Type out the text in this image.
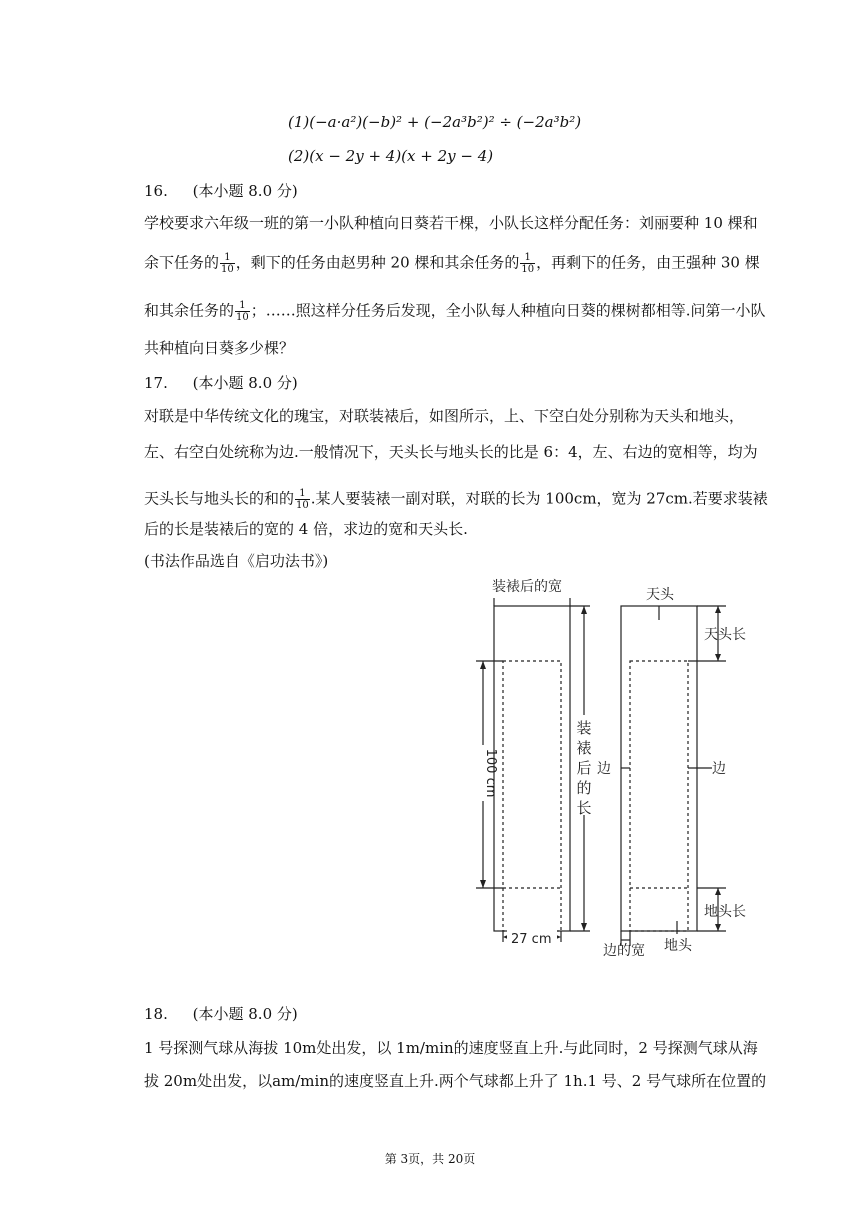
(1)(−a·a²)(−b)² + (−2a³b²)² ÷ (−2a³b²)
(2)(x − 2y + 4)(x + 2y − 4)
16. (本小题 8.0 分)
学校要求六年级一班的第一小队种植向日葵若干棵，小队长这样分配任务：刘丽要种 10 棵和
余下任务的 $\frac{1}{10}$ ，剩下的任务由赵男种 20 棵和其余任务的 $\frac{1}{10}$ ，再剩下的任务，由王强种 30 棵
和其余任务的 $\frac{1}{10}$ ；……照这样分任务后发现，全小队每人种植向日葵的棵树都相等.问第一小队
共种植向日葵多少棵？
17. (本小题 8.0 分)
对联是中华传统文化的瑰宝，对联装裱后，如图所示，上、下空白处分别称为天头和地头，
左、右空白处统称为边.一般情况下，天头长与地头长的比是 6：4，左、右边的宽相等，均为
天头长与地头长的和的 $\frac{1}{10}$ .某人要装裱一副对联，对联的长为 100cm，宽为 27cm.若要求装裱
后的长是装裱后的宽的 4 倍，求边的宽和天头长.
(书法作品选自《启功法书》)
装裱后的宽	天头
天头长
边	边
地头长
地头
边的宽
27 cm
装
裱
后
的
长
100 cm
18. (本小题 8.0 分)
1 号探测气球从海拔 10m处出发，以 1m/min的速度竖直上升.与此同时，2 号探测气球从海
拔 20m处出发，以am/min的速度竖直上升.两个气球都上升了 1h.1 号、2 号气球所在位置的
第 3页，共 20页
